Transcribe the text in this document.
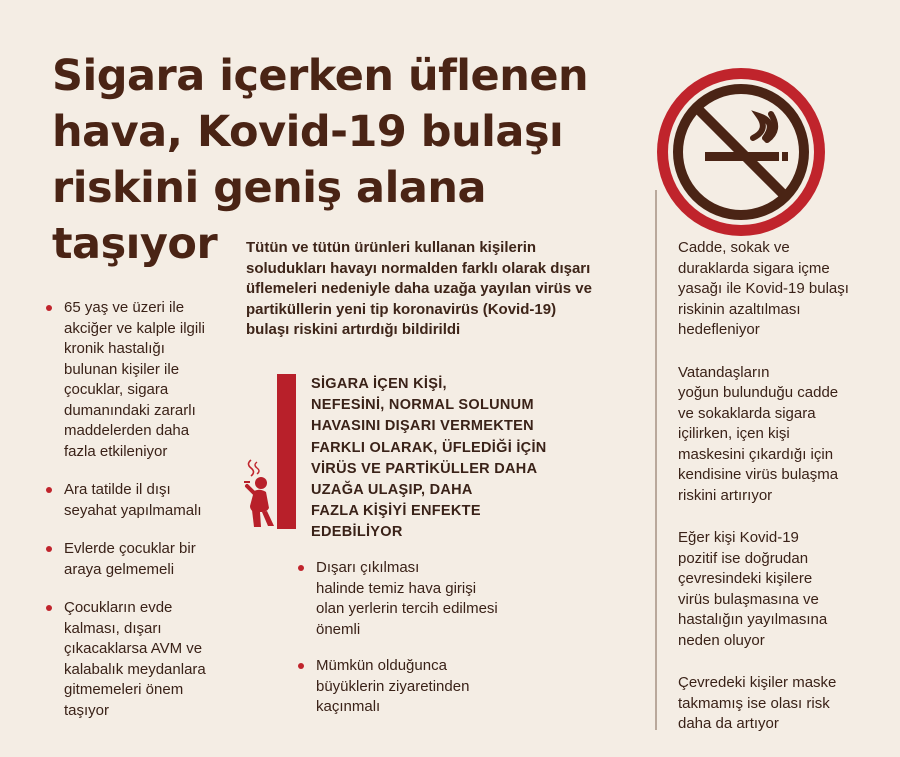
Sigara içerken üflenen
hava, Kovid-19 bulaşı
riskini geniş alana
taşıyor	Tütün ve tütün ürünleri kullanan kişilerin
soludukları havayı normalden farklı olarak dışarı
üflemeleri nedeniyle daha uzağa yayılan virüs ve
partiküllerin yeni tip koronavirüs (Kovid-19)
bulaşı riskini artırdığı bildirildi
65 yaş ve üzeri ile
akciğer ve kalple ilgili
kronik hastalığı
bulunan kişiler ile
çocuklar, sigara
dumanındaki zararlı
maddelerden daha
fazla etkileniyor
Ara tatilde il dışı
seyahat yapılmamalı
Evlerde çocuklar bir
araya gelmemeli
Çocukların evde
kalması, dışarı
çıkacaklarsa AVM ve
kalabalık meydanlara
gitmemeleri önem
taşıyor
SİGARA İÇEN KİŞİ,
NEFESİNİ, NORMAL SOLUNUM
HAVASINI DIŞARI VERMEKTEN
FARKLI OLARAK, ÜFLEDİĞİ İÇİN
VİRÜS VE PARTİKÜLLER DAHA
UZAĞA ULAŞIP, DAHA
FAZLA KİŞİYİ ENFEKTE
EDEBİLİYOR
Dışarı çıkılması
halinde temiz hava girişi
olan yerlerin tercih edilmesi
önemli
Mümkün olduğunca
büyüklerin ziyaretinden
kaçınmalı

Cadde, sokak ve
duraklarda sigara içme
yasağı ile Kovid-19 bulaşı
riskinin azaltılması
hedefleniyor

Vatandaşların
yoğun bulunduğu cadde
ve sokaklarda sigara
içilirken, içen kişi
maskesini çıkardığı için
kendisine virüs bulaşma
riskini artırıyor

Eğer kişi Kovid-19
pozitif ise doğrudan
çevresindeki kişilere
virüs bulaşmasına ve
hastalığın yayılmasına
neden oluyor

Çevredeki kişiler maske
takmamış ise olası risk
daha da artıyor
